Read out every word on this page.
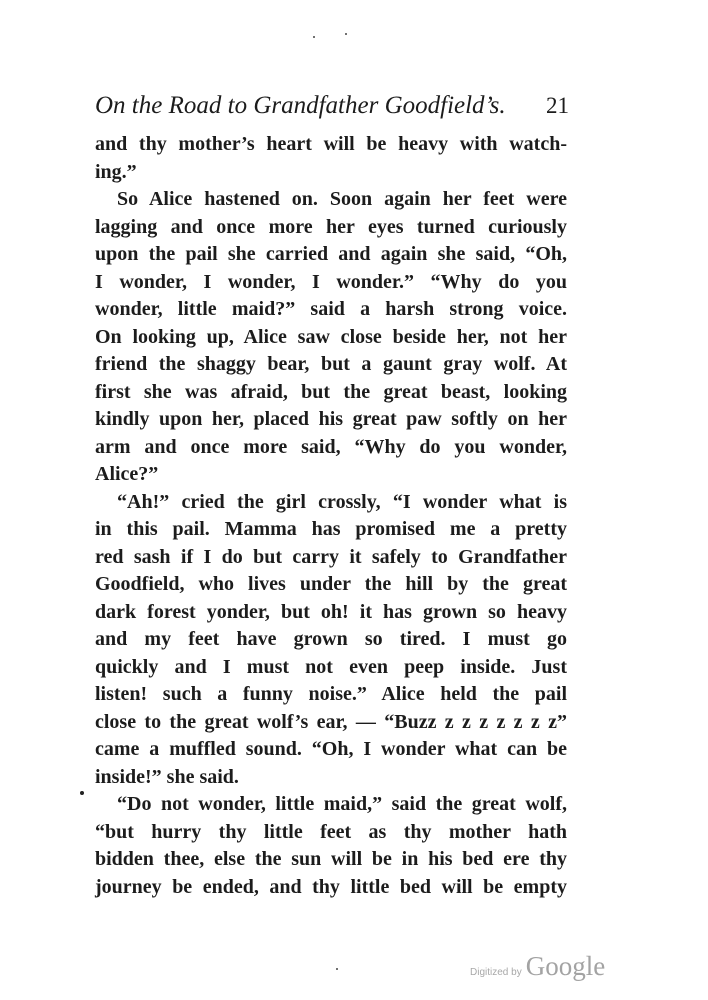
On the Road to Grandfather Goodfield’s. 21
and thy mother’s heart will be heavy with watch-
ing.”
So Alice hastened on. Soon again her feet were
lagging and once more her eyes turned curiously
upon the pail she carried and again she said, “Oh,
I wonder, I wonder, I wonder.” “Why do you
wonder, little maid?” said a harsh strong voice.
On looking up, Alice saw close beside her, not her
friend the shaggy bear, but a gaunt gray wolf. At
first she was afraid, but the great beast, looking
kindly upon her, placed his great paw softly on her
arm and once more said, “Why do you wonder,
Alice?”
“Ah!” cried the girl crossly, “I wonder what is
in this pail. Mamma has promised me a pretty
red sash if I do but carry it safely to Grandfather
Goodfield, who lives under the hill by the great
dark forest yonder, but oh! it has grown so heavy
and my feet have grown so tired. I must go
quickly and I must not even peep inside. Just
listen! such a funny noise.” Alice held the pail
close to the great wolf’s ear, — “Buzz z z z z z z z”
came a muffled sound. “Oh, I wonder what can be
inside!” she said.
“Do not wonder, little maid,” said the great wolf,
“but hurry thy little feet as thy mother hath
bidden thee, else the sun will be in his bed ere thy
journey be ended, and thy little bed will be empty
Digitized by Google
